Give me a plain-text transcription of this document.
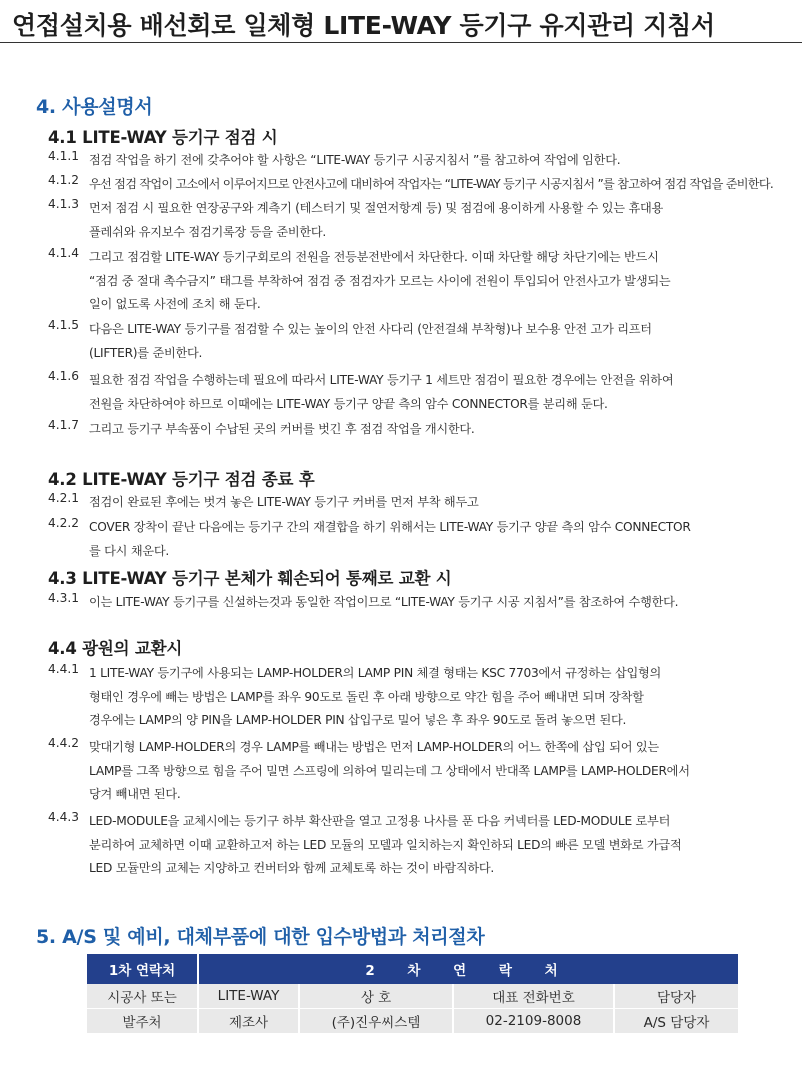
연접설치용 배선회로 일체형 LITE-WAY 등기구 유지관리 지침서
4. 사용설명서
4.1 LITE-WAY 등기구 점검 시
4.1.1 점검 작업을 하기 전에 갖추어야 할 사항은 “LITE-WAY 등기구 시공지침서 ”를 참고하여 작업에 임한다.
4.1.2 우선 점검 작업이 고소에서 이루어지므로 안전사고에 대비하여 작업자는 “LITE-WAY 등기구 시공지침서 ”를 참고하여 점검 작업을 준비한다.
4.1.3 먼저 점검 시 필요한 연장공구와 계측기 (테스터기 및 절연저항계 등) 및 점검에 용이하게 사용할 수 있는 휴대용
플레쉬와 유지보수 점검기록장 등을 준비한다.
4.1.4 그리고 점검할 LITE-WAY 등기구회로의 전원을 전등분전반에서 차단한다. 이때 차단할 해당 차단기에는 반드시
“점검 중 절대 촉수금지” 태그를 부착하여 점검 중 점검자가 모르는 사이에 전원이 투입되어 안전사고가 발생되는
일이 없도록 사전에 조치 해 둔다.
4.1.5 다음은 LITE-WAY 등기구를 점검할 수 있는 높이의 안전 사다리 (안전걸쇄 부착형)나 보수용 안전 고가 리프터
(LIFTER)를 준비한다.
4.1.6 필요한 점검 작업을 수행하는데 필요에 따라서 LITE-WAY 등기구 1 세트만 점검이 필요한 경우에는 안전을 위하여
전원을 차단하여야 하므로 이때에는 LITE-WAY 등기구 양끝 측의 암수 CONNECTOR를 분리해 둔다.
4.1.7 그리고 등기구 부속품이 수납된 곳의 커버를 벗긴 후 점검 작업을 개시한다.
4.2 LITE-WAY 등기구 점검 종료 후
4.2.1 점검이 완료된 후에는 벗겨 놓은 LITE-WAY 등기구 커버를 먼저 부착 해두고
4.2.2 COVER 장착이 끝난 다음에는 등기구 간의 재결합을 하기 위해서는 LITE-WAY 등기구 양끝 측의 암수 CONNECTOR
를 다시 채운다.
4.3 LITE-WAY 등기구 본체가 훼손되어 통째로 교환 시
4.3.1 이는 LITE-WAY 등기구를 신설하는것과 동일한 작업이므로 “LITE-WAY 등기구 시공 지침서”를 참조하여 수행한다.
4.4 광원의 교환시
4.4.1 1 LITE-WAY 등기구에 사용되는 LAMP-HOLDER의 LAMP PIN 체결 형태는 KSC 7703에서 규정하는 삽입형의
형태인 경우에 빼는 방법은 LAMP를 좌우 90도로 돌린 후 아래 방향으로 약간 힘을 주어 빼내면 되며 장착할
경우에는 LAMP의 양 PIN을 LAMP-HOLDER PIN 삽입구로 밀어 넣은 후 좌우 90도로 돌려 놓으면 된다.
4.4.2 맞대기형 LAMP-HOLDER의 경우 LAMP를 빼내는 방법은 먼저 LAMP-HOLDER의 어느 한쪽에 삽입 되어 있는
LAMP를 그쪽 방향으로 힘을 주어 밀면 스프링에 의하여 밀리는데 그 상태에서 반대쪽 LAMP를 LAMP-HOLDER에서
당겨 빼내면 된다.
4.4.3 LED-MODULE을 교체시에는 등기구 하부 확산판을 열고 고정용 나사를 푼 다음 커넥터를 LED-MODULE 로부터
분리하여 교체하면 이때 교환하고저 하는 LED 모듈의 모델과 일치하는지 확인하되 LED의 빠른 모델 변화로 가급적
LED 모듈만의 교체는 지양하고 컨버터와 함께 교체토록 하는 것이 바람직하다.
5. A/S 및 예비, 대체부품에 대한 입수방법과 처리절차
1차 연락처	2 차 연 락 처			
시공사 또는	LITE-WAY	상 호	대표 전화번호	담당자
발주처	제조사	(주)진우씨스템	02-2109-8008	A/S 담당자
